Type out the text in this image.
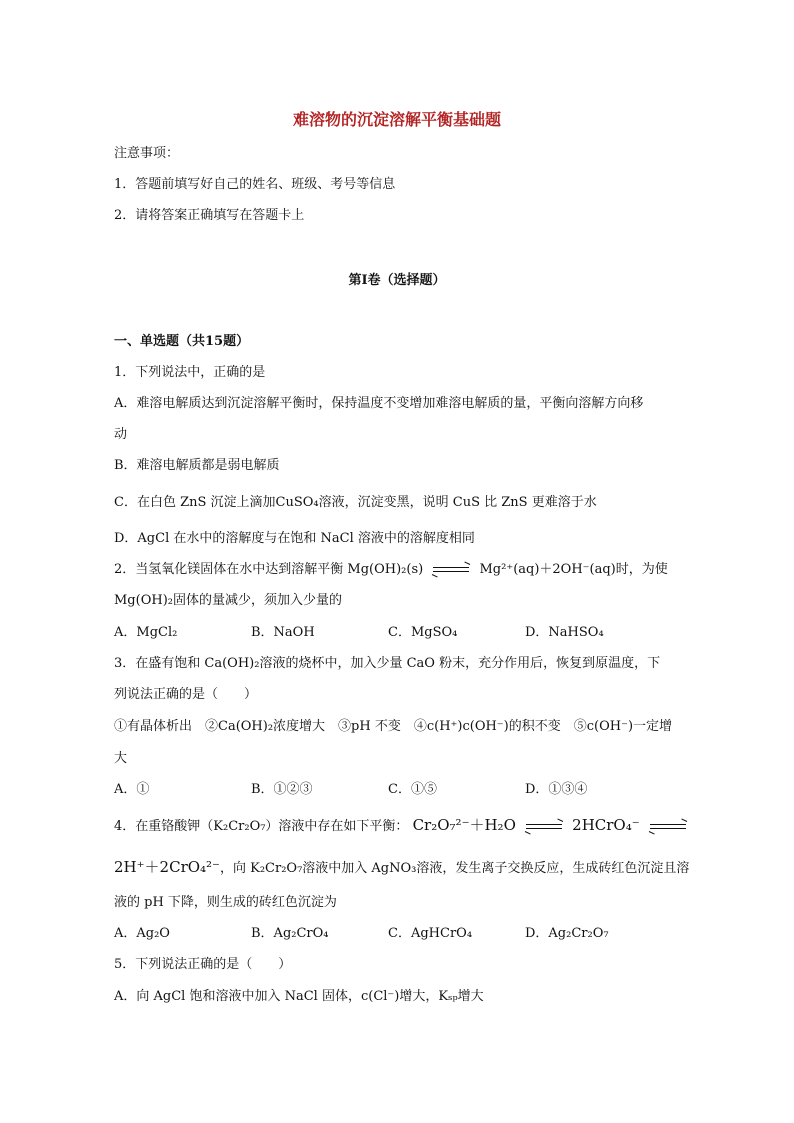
难溶物的沉淀溶解平衡基础题
注意事项：
1．答题前填写好自己的姓名、班级、考号等信息
2．请将答案正确填写在答题卡上
第I卷（选择题）
一、单选题（共15题）
1．下列说法中，正确的是
A．难溶电解质达到沉淀溶解平衡时，保持温度不变增加难溶电解质的量，平衡向溶解方向移
动
B．难溶电解质都是弱电解质
C．在白色 ZnS 沉淀上滴加CuSO₄溶液，沉淀变黑，说明 CuS 比 ZnS 更难溶于水
D．AgCl 在水中的溶解度与在饱和 NaCl 溶液中的溶解度相同
2．当氢氧化镁固体在水中达到溶解平衡 Mg(OH)₂(s)	Mg²⁺(aq)＋2OH⁻(aq)时，为使
Mg(OH)₂固体的量减少，须加入少量的
A．MgCl₂	B．NaOH	C．MgSO₄	D．NaHSO₄
3．在盛有饱和 Ca(OH)₂溶液的烧杯中，加入少量 CaO 粉末，充分作用后，恢复到原温度，下
列说法正确的是（　　）
①有晶体析出　②Ca(OH)₂浓度增大　③pH 不变　④c(H⁺)c(OH⁻)的积不变　⑤c(OH⁻)一定增
大
A．①	B．①②③	C．①⑤	D．①③④
4．在重铬酸钾（K₂Cr₂O₇）溶液中存在如下平衡： Cr₂O₇²⁻＋H₂O	2HCrO₄⁻
2H⁺＋2CrO₄²⁻，向 K₂Cr₂O₇溶液中加入 AgNO₃溶液，发生离子交换反应，生成砖红色沉淀且溶
液的 pH 下降，则生成的砖红色沉淀为
A．Ag₂O	B．Ag₂CrO₄	C．AgHCrO₄	D．Ag₂Cr₂O₇
5．下列说法正确的是（　　）
A．向 AgCl 饱和溶液中加入 NaCl 固体，c(Cl⁻)增大，Kₛₚ增大
